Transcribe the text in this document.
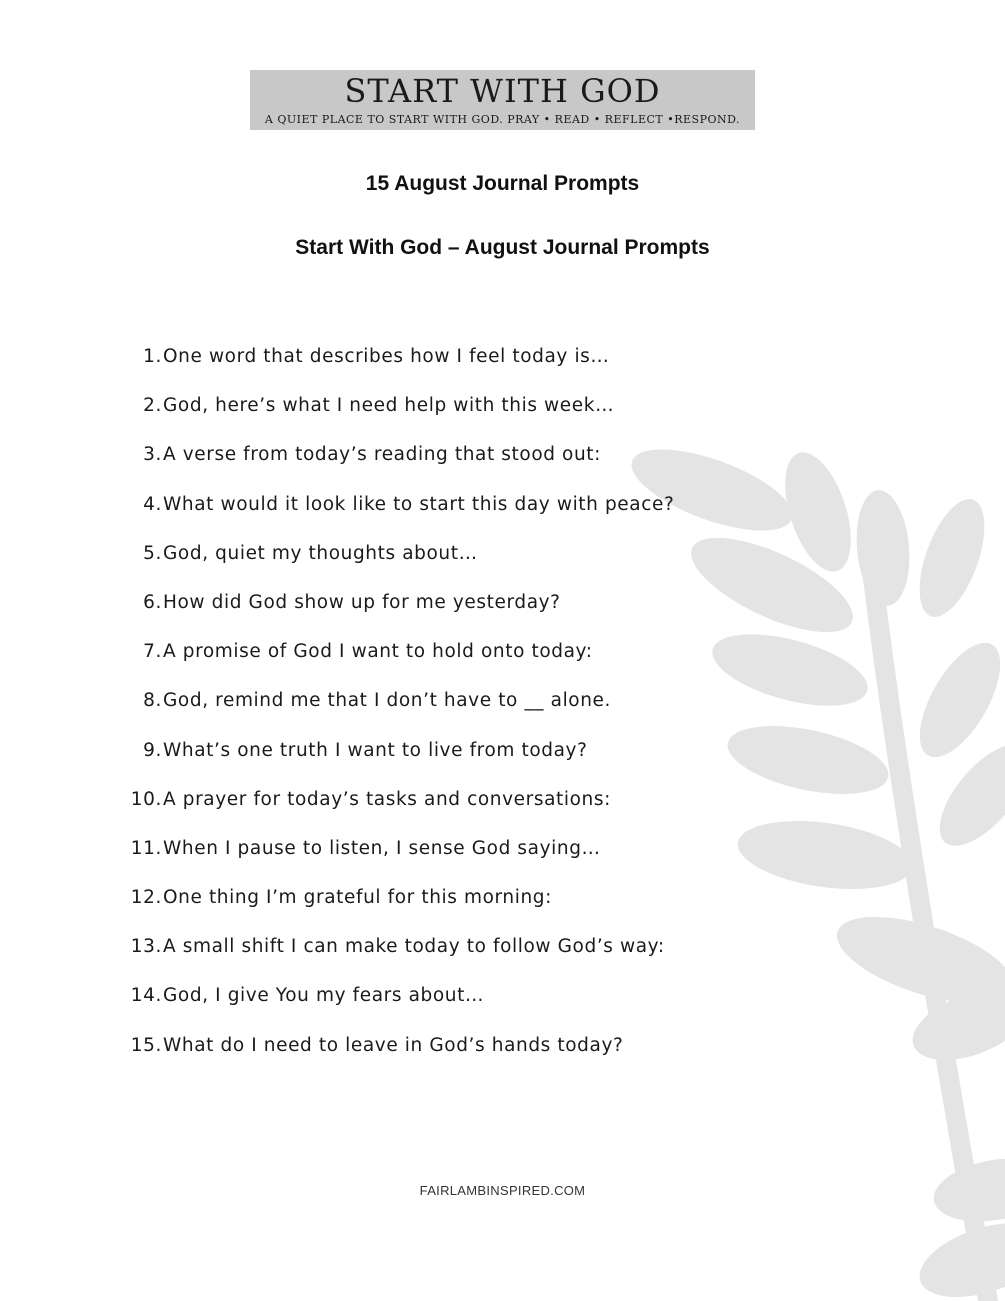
START WITH GOD
A QUIET PLACE TO START WITH GOD. PRAY • READ • REFLECT •RESPOND.
15 August Journal Prompts
Start With God – August Journal Prompts
1. One word that describes how I feel today is…
2. God, here’s what I need help with this week…
3. A verse from today’s reading that stood out:
4. What would it look like to start this day with peace?
5. God, quiet my thoughts about…
6. How did God show up for me yesterday?
7. A promise of God I want to hold onto today:
8. God, remind me that I don’t have to __ alone.
9. What’s one truth I want to live from today?
10. A prayer for today’s tasks and conversations:
11. When I pause to listen, I sense God saying…
12. One thing I’m grateful for this morning:
13. A small shift I can make today to follow God’s way:
14. God, I give You my fears about…
15. What do I need to leave in God’s hands today?
FAIRLAMBINSPIRED.COM
